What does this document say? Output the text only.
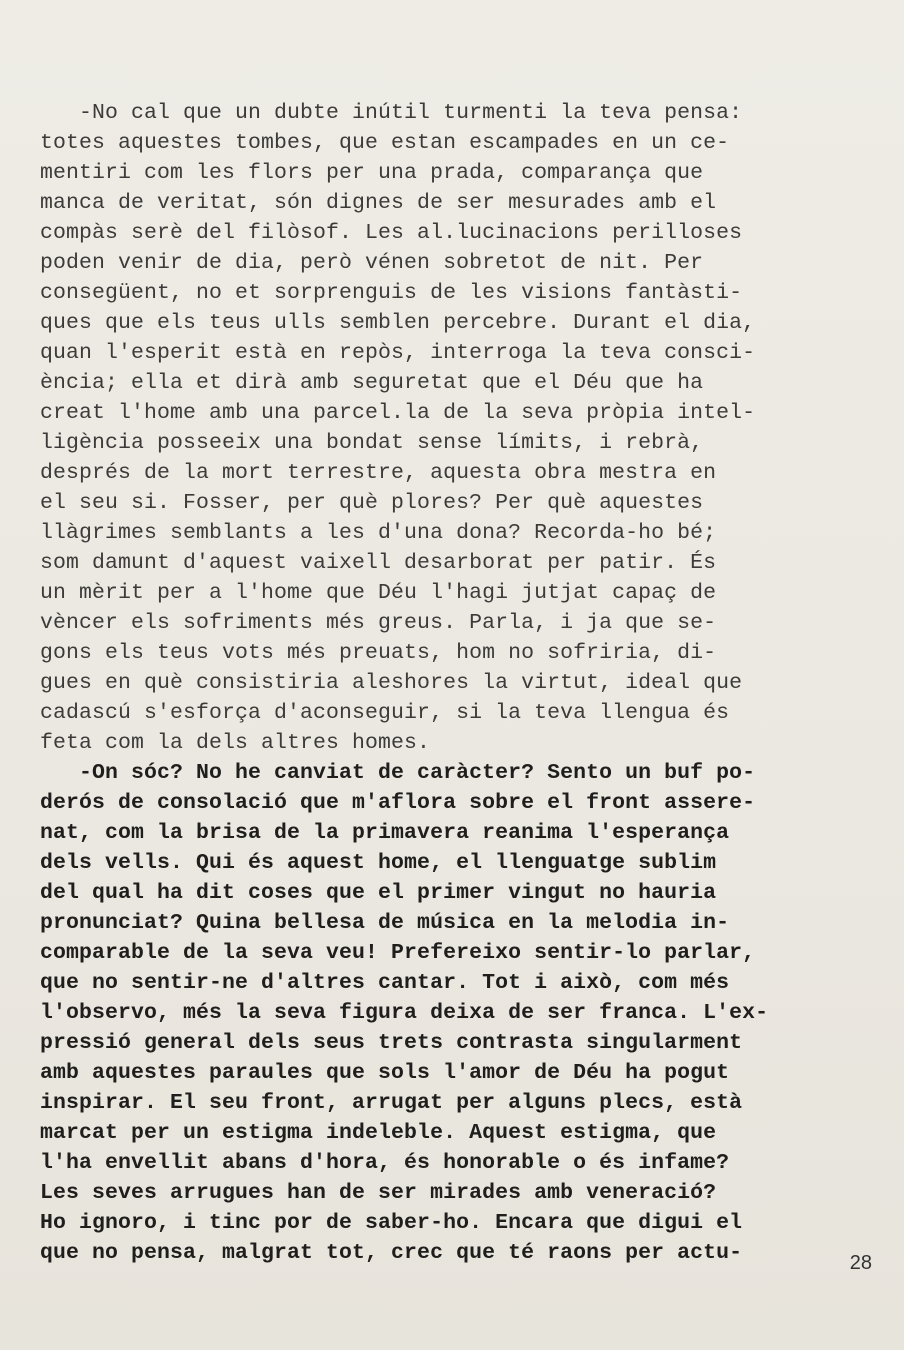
-No cal que un dubte inútil turmenti la teva pensa:
totes aquestes tombes, que estan escampades en un ce-
mentiri com les flors per una prada, comparança que
manca de veritat, són dignes de ser mesurades amb el
compàs serè del filòsof. Les al.lucinacions perilloses
poden venir de dia, però vénen sobretot de nit. Per
consegüent, no et sorprenguis de les visions fantàsti-
ques que els teus ulls semblen percebre. Durant el dia,
quan l'esperit està en repòs, interroga la teva consci-
ència; ella et dirà amb seguretat que el Déu que ha
creat l'home amb una parcel.la de la seva pròpia intel-
ligència posseeix una bondat sense límits, i rebrà,
després de la mort terrestre, aquesta obra mestra en
el seu si. Fosser, per què plores? Per què aquestes
llàgrimes semblants a les d'una dona? Recorda-ho bé;
som damunt d'aquest vaixell desarborat per patir. És
un mèrit per a l'home que Déu l'hagi jutjat capaç de
vèncer els sofriments més greus. Parla, i ja que se-
gons els teus vots més preuats, hom no sofriria, di-
gues en què consistiria aleshores la virtut, ideal que
cadascú s'esforça d'aconseguir, si la teva llengua és
feta com la dels altres homes.
-On sóc? No he canviat de caràcter? Sento un buf po-
derós de consolació que m'aflora sobre el front assere-
nat, com la brisa de la primavera reanima l'esperança
dels vells. Qui és aquest home, el llenguatge sublim
del qual ha dit coses que el primer vingut no hauria
pronunciat? Quina bellesa de música en la melodia in-
comparable de la seva veu! Prefereixo sentir-lo parlar,
que no sentir-ne d'altres cantar. Tot i això, com més
l'observo, més la seva figura deixa de ser franca. L'ex-
pressió general dels seus trets contrasta singularment
amb aquestes paraules que sols l'amor de Déu ha pogut
inspirar. El seu front, arrugat per alguns plecs, està
marcat per un estigma indeleble. Aquest estigma, que
l'ha envellit abans d'hora, és honorable o és infame?
Les seves arrugues han de ser mirades amb veneració?
Ho ignoro, i tinc por de saber-ho. Encara que digui el
que no pensa, malgrat tot, crec que té raons per actu-	28
